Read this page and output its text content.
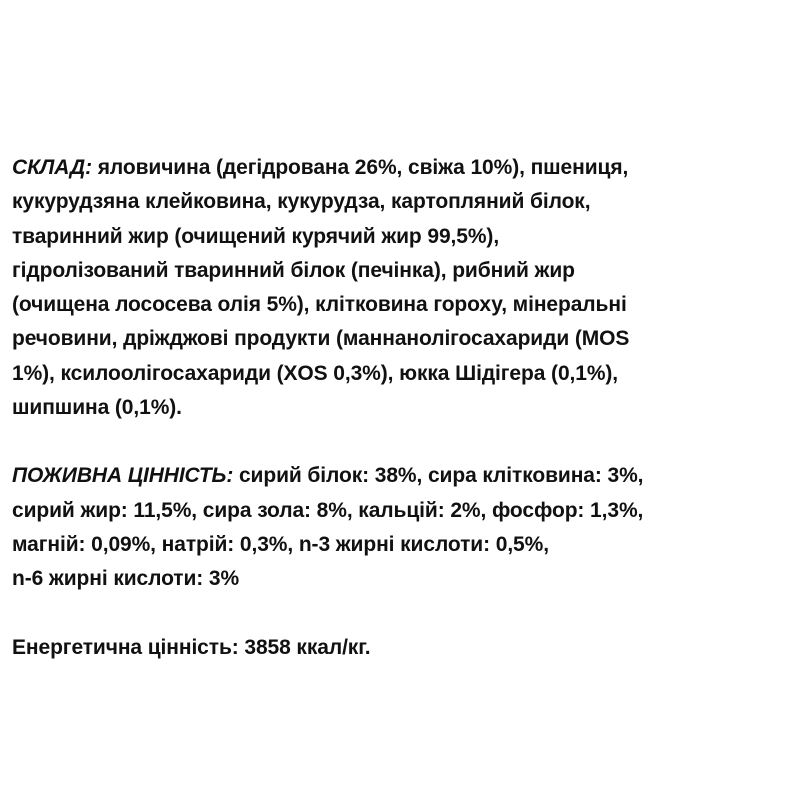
СКЛАД: яловичина (дегідрована 26%, свіжа 10%), пшениця,

кукурудзяна клейковина, кукурудза, картопляний білок,

тваринний жир (очищений курячий жир 99,5%),

гідролізований тваринний білок (печінка), рибний жир

(очищена лососева олія 5%), клітковина гороху, мінеральні

речовини, дріжджові продукти (маннанолігосахариди (MOS

1%), ксилоолігосахариди (XOS 0,3%), юкка Шідігера (0,1%),

шипшина (0,1%).

ПОЖИВНА ЦІННІСТЬ: сирий білок: 38%, сира клітковина: 3%,

сирий жир: 11,5%, сира зола: 8%, кальцій: 2%, фосфор: 1,3%,

магній: 0,09%, натрій: 0,3%, n-3 жирні кислоти: 0,5%,

n-6 жирні кислоти: 3%

Енергетична цінність: 3858 ккал/кг.
